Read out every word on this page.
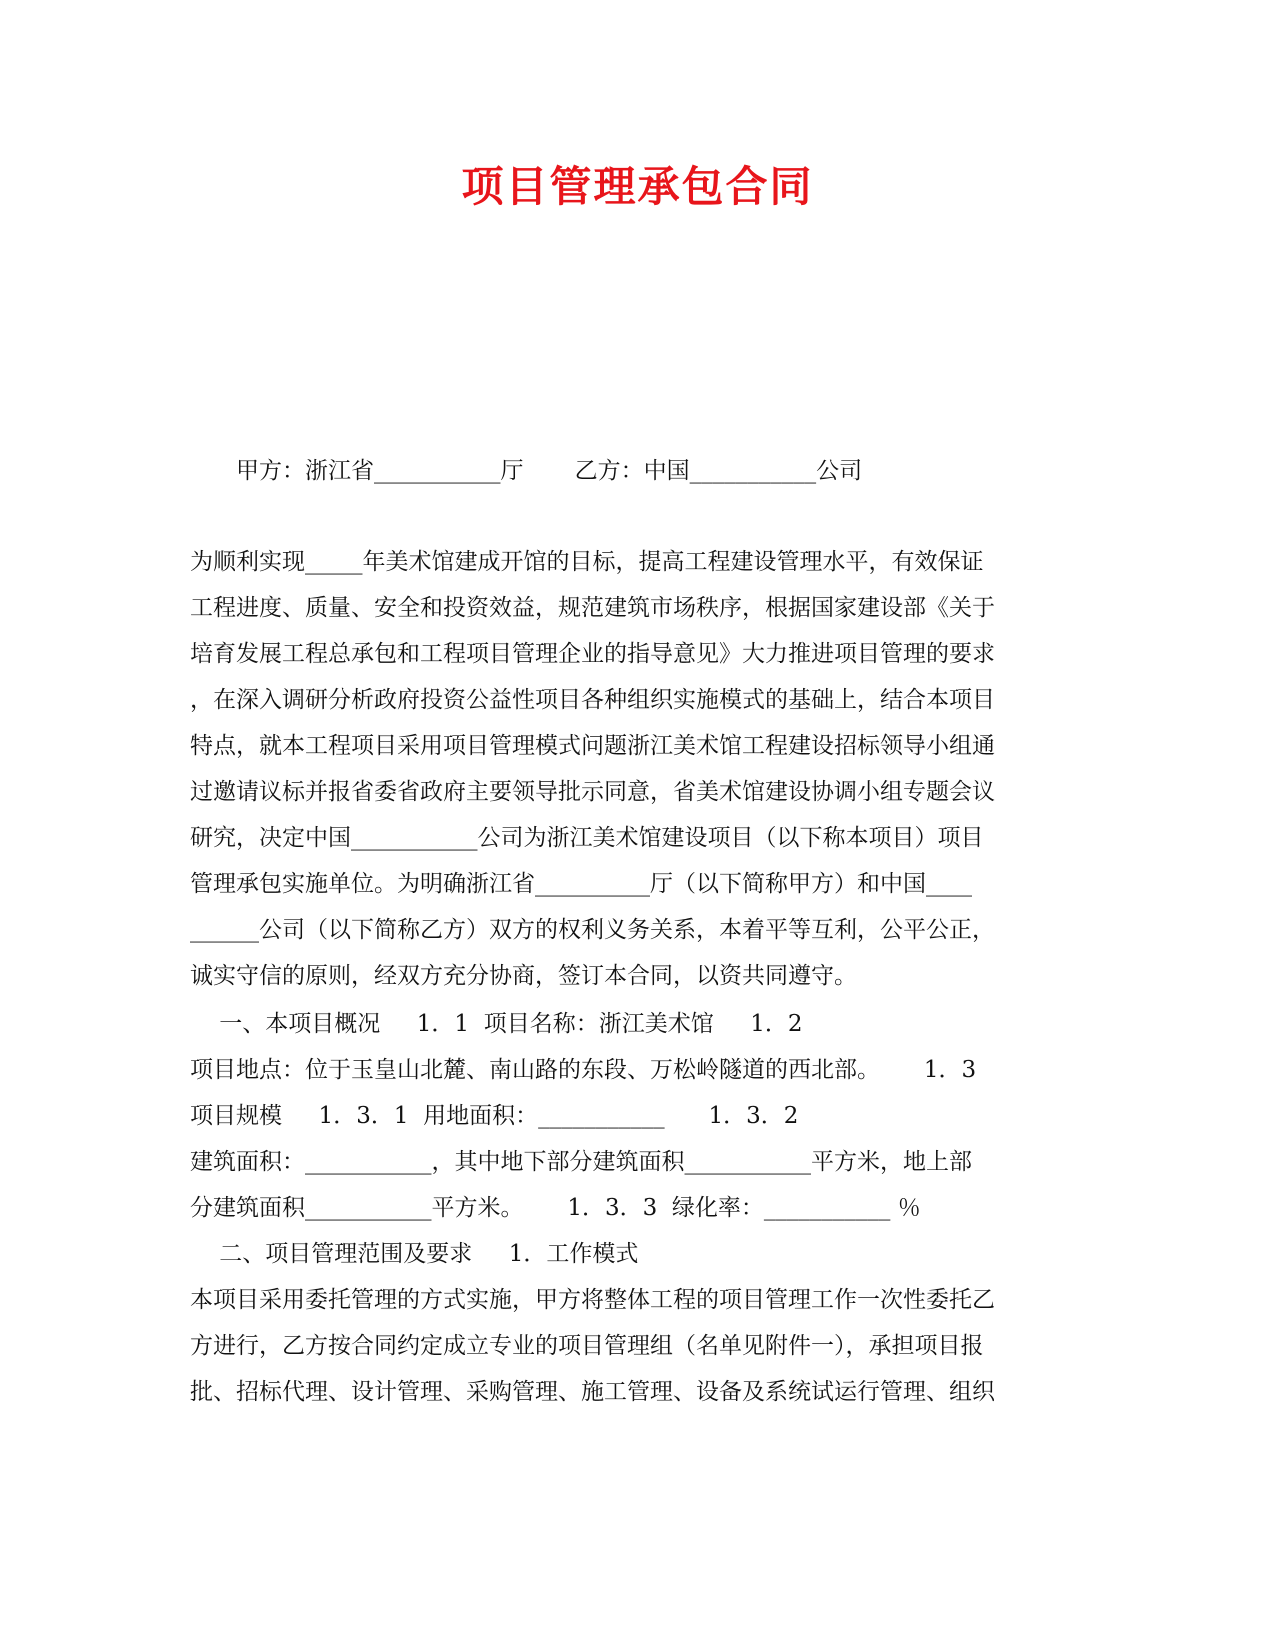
项目管理承包合同
甲方：浙江省___________厅       乙方：中国___________公司
为顺利实现_____年美术馆建成开馆的目标，提高工程建设管理水平，有效保证
工程进度、质量、安全和投资效益，规范建筑市场秩序，根据国家建设部《关于
培育发展工程总承包和工程项目管理企业的指导意见》大力推进项目管理的要求
，在深入调研分析政府投资公益性项目各种组织实施模式的基础上，结合本项目
特点，就本工程项目采用项目管理模式问题浙江美术馆工程建设招标领导小组通
过邀请议标并报省委省政府主要领导批示同意，省美术馆建设协调小组专题会议
研究，决定中国___________公司为浙江美术馆建设项目（以下称本项目）项目
管理承包实施单位。为明确浙江省__________厅（以下简称甲方）和中国____
______公司（以下简称乙方）双方的权利义务关系，本着平等互利，公平公正，
诚实守信的原则，经双方充分协商，签订本合同，以资共同遵守。
一、本项目概况     1．1  项目名称：浙江美术馆     1．2
项目地点：位于玉皇山北麓、南山路的东段、万松岭隧道的西北部。      1．3
项目规模     1．3．1  用地面积：___________      1．3．2
建筑面积：___________，其中地下部分建筑面积___________平方米，地上部
分建筑面积___________平方米。      1．3．3  绿化率：___________ ％
二、项目管理范围及要求     1．工作模式
本项目采用委托管理的方式实施，甲方将整体工程的项目管理工作一次性委托乙
方进行，乙方按合同约定成立专业的项目管理组（名单见附件一），承担项目报
批、招标代理、设计管理、采购管理、施工管理、设备及系统试运行管理、组织
